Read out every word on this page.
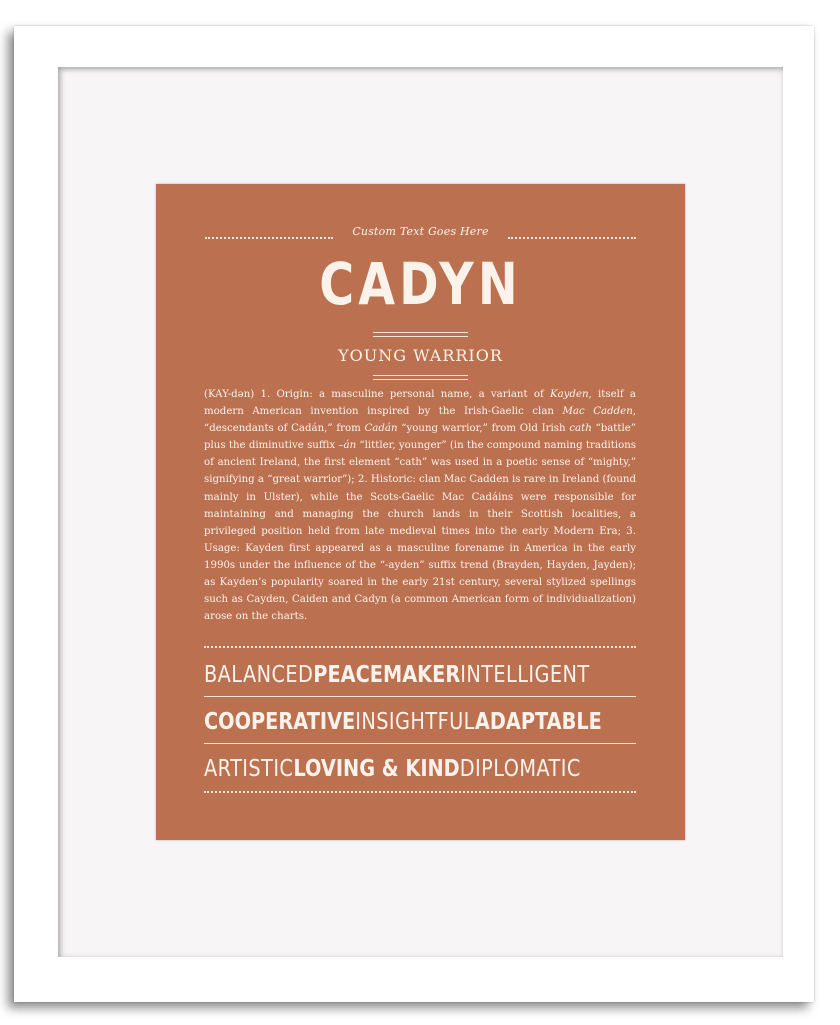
Custom Text Goes Here
CADYN
YOUNG WARRIOR
(KAY-dən) 1. Origin: a masculine personal name, a variant of Kayden, itself a modern American invention inspired by the Irish-Gaelic clan Mac Cadden, “descendants of Cadán,” from Cadán “young warrior,” from Old Irish cath “battle” plus the diminutive suffix –án “littler, younger” (in the compound naming traditions of ancient Ireland, the first element “cath” was used in a poetic sense of “mighty,” signifying a “great warrior”); 2. Historic: clan Mac Cadden is rare in Ireland (found mainly in Ulster), while the Scots-Gaelic Mac Cadáins were responsible for maintaining and managing the church lands in their Scottish localities, a privileged position held from late medieval times into the early Modern Era; 3. Usage: Kayden first appeared as a masculine forename in America in the early 1990s under the influence of the “-ayden” suffix trend (Brayden, Hayden, Jayden); as Kayden’s popularity soared in the early 21st century, several stylized spellings such as Cayden, Caiden and Cadyn (a common American form of individualization) arose on the charts.
BALANCED PEACEMAKER INTELLIGENT
COOPERATIVE INSIGHTFUL ADAPTABLE
ARTISTIC LOVING & KIND DIPLOMATIC
